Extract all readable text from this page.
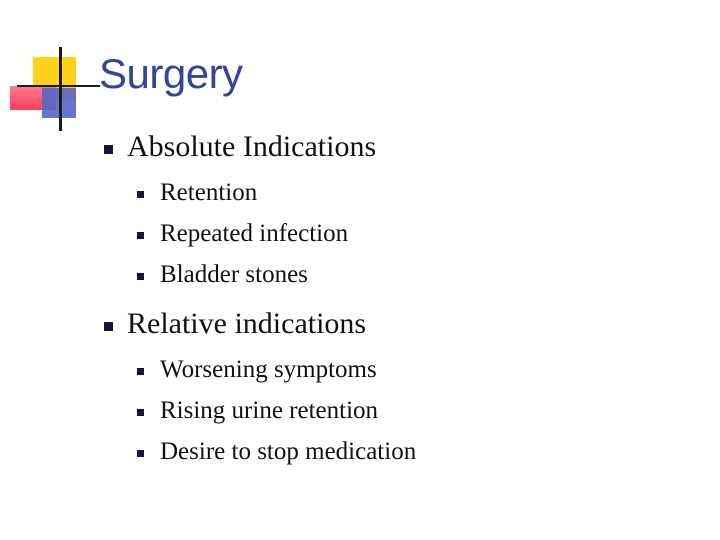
Surgery
Absolute Indications
Retention
Repeated infection
Bladder stones
Relative indications
Worsening symptoms
Rising urine retention
Desire to stop medication
